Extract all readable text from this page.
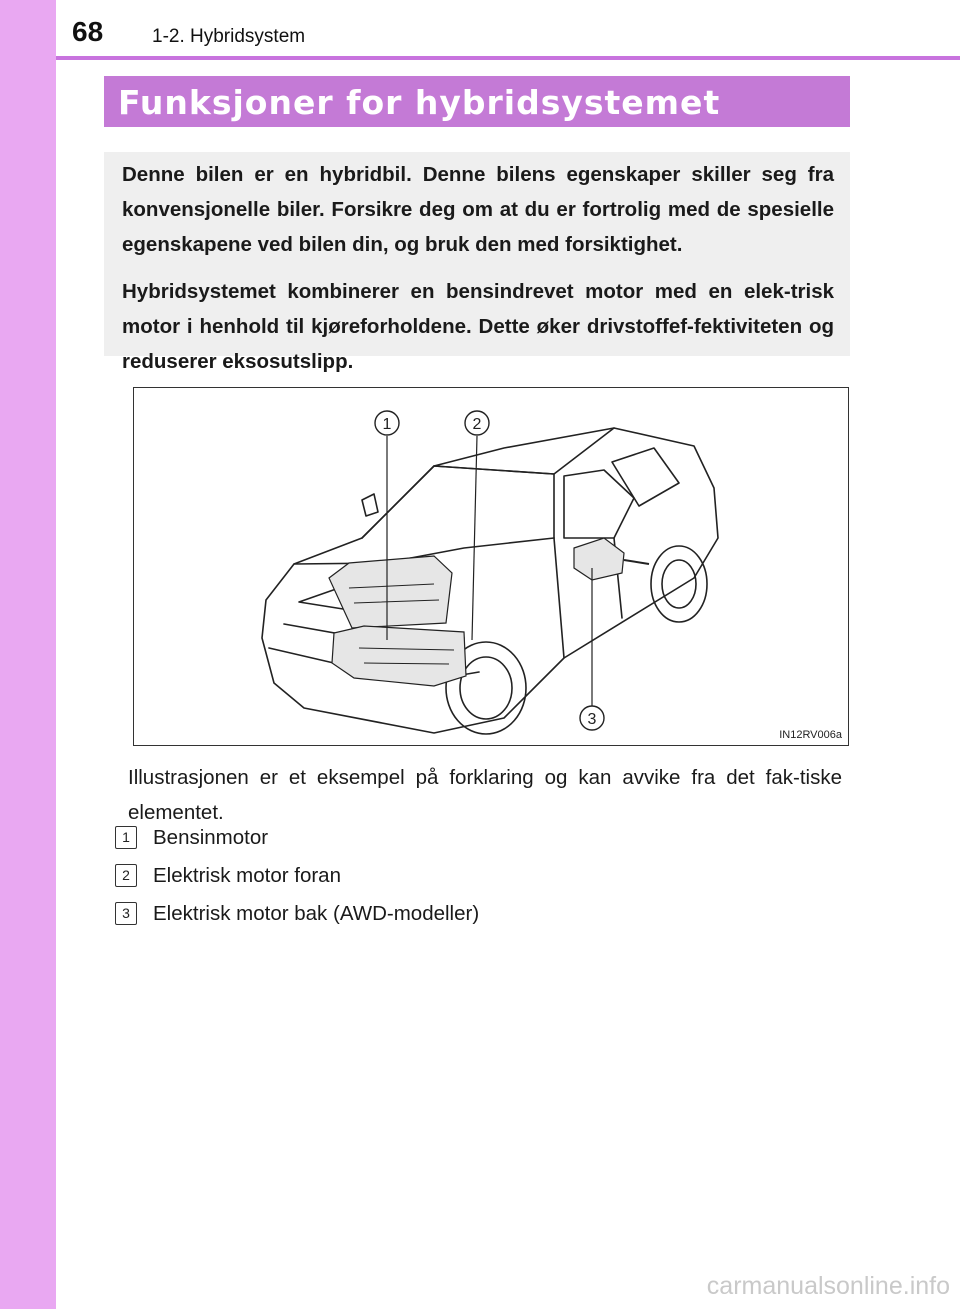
68	1-2. Hybridsystem
Funksjoner for hybridsystemet

Denne bilen er en hybridbil. Denne bilens egenskaper skiller seg fra konvensjonelle biler. Forsikre deg om at du er fortrolig med de spesielle egenskapene ved bilen din, og bruk den med forsiktighet.

Hybridsystemet kombinerer en bensindrevet motor med en elek-trisk motor i henhold til kjøreforholdene. Dette øker drivstoffef-fektiviteten og reduserer eksosutslipp.

1	2
3
IN12RV006a

Illustrasjonen er et eksempel på forklaring og kan avvike fra det fak-tiske elementet.

1	Bensinmotor
2	Elektrisk motor foran
3	Elektrisk motor bak (AWD-modeller)
carmanualsonline.info
